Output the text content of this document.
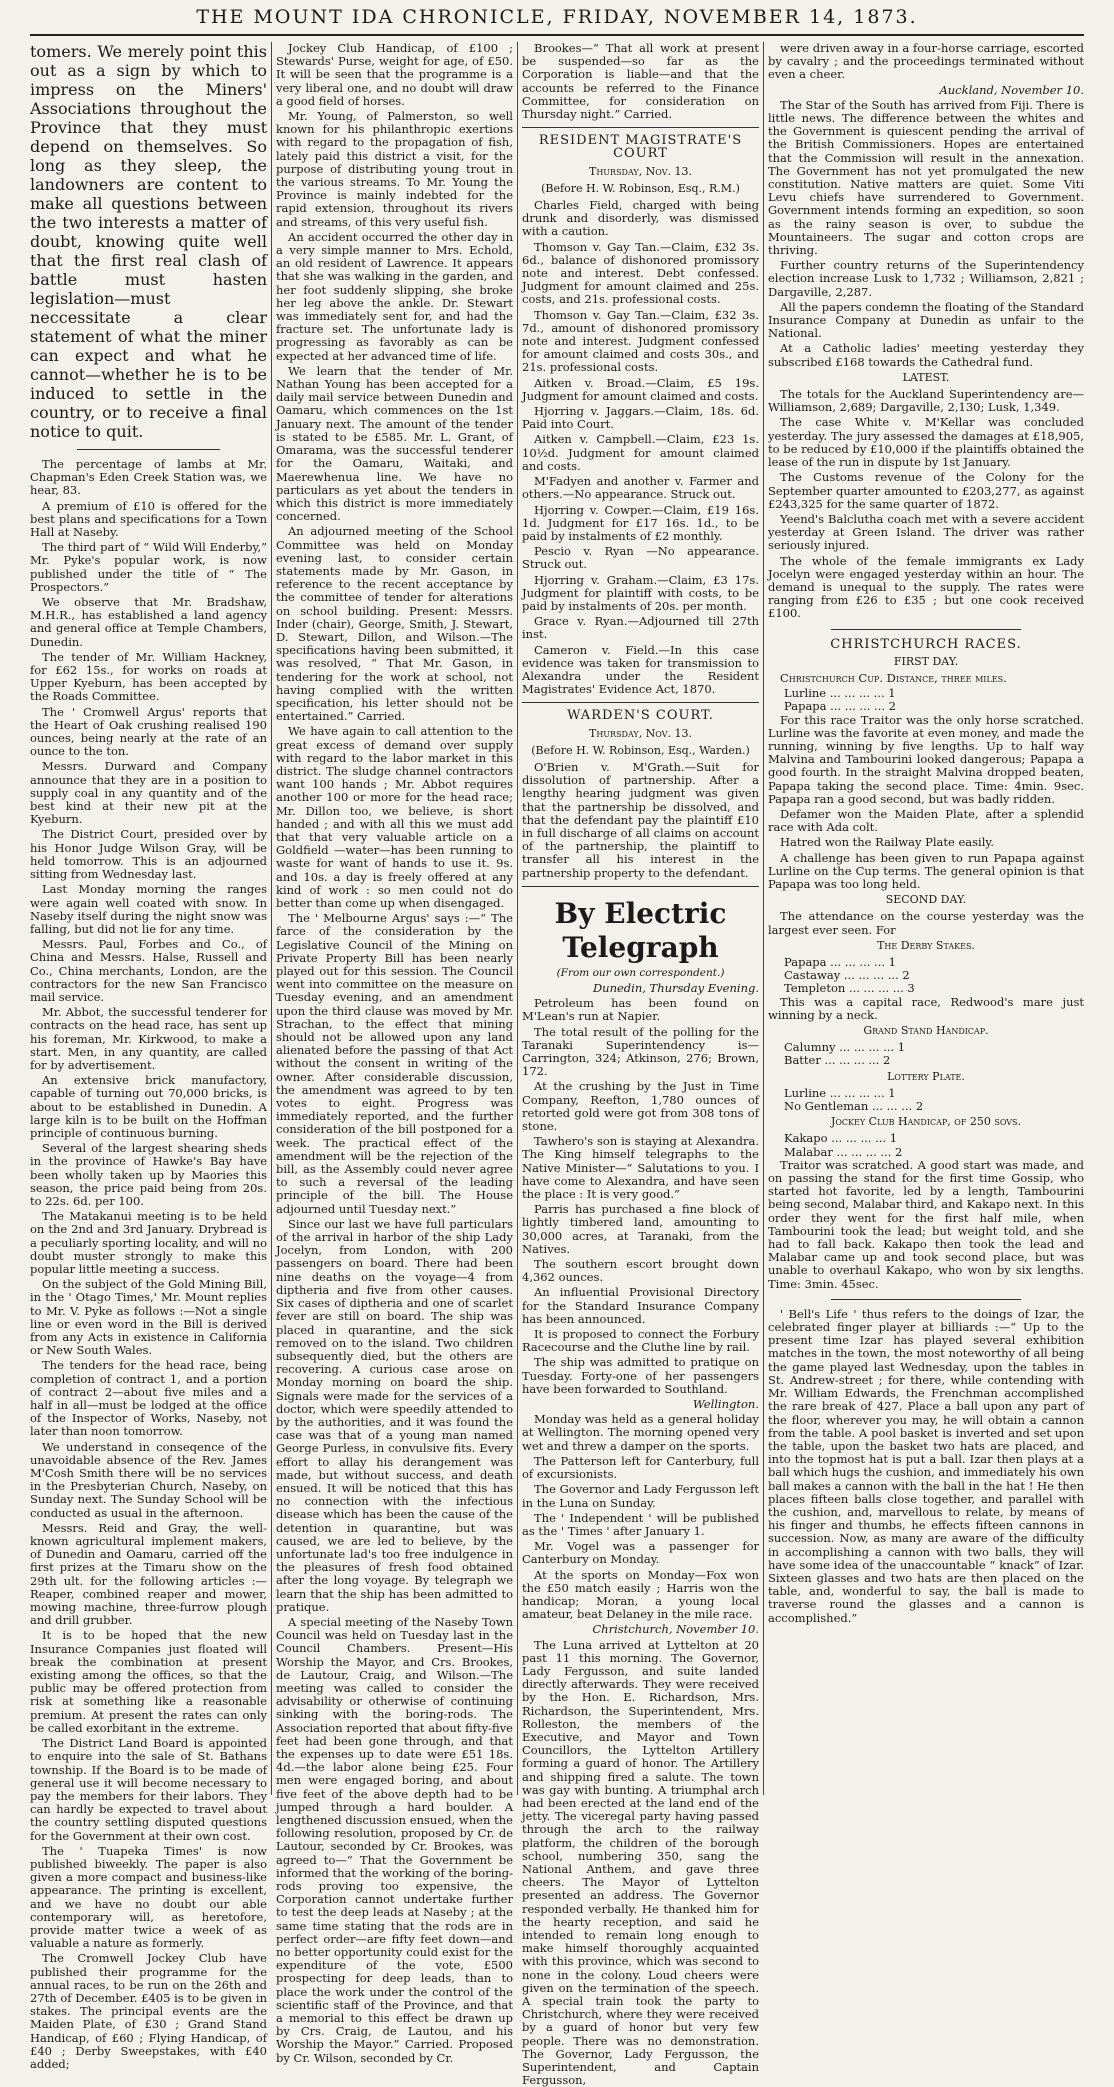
THE MOUNT IDA CHRONICLE, FRIDAY, NOVEMBER 14, 1873.

tomers. We merely point this out as a sign by which to impress on the Miners' Associations throughout the Province that they must depend on themselves. So long as they sleep, the landowners are content to make all questions between the two interests a matter of doubt, knowing quite well that the first real clash of battle must hasten legislation—must neccessitate a clear statement of what the miner can expect and what he cannot—whether he is to be induced to settle in the country, or to receive a final notice to quit.

The percentage of lambs at Mr. Chapman's Eden Creek Station was, we hear, 83.

A premium of £10 is offered for the best plans and specifications for a Town Hall at Naseby.

The third part of “ Wild Will Enderby,” Mr. Pyke's popular work, is now published under the title of “ The Prospectors.”

We observe that Mr. Bradshaw, M.H.R., has established a land agency and general office at Temple Chambers, Dunedin.

The tender of Mr. William Hackney, for £62 15s., for works on roads at Upper Kyeburn, has been accepted by the Roads Committee.

The ' Cromwell Argus' reports that the Heart of Oak crushing realised 190 ounces, being nearly at the rate of an ounce to the ton.

Messrs. Durward and Company announce that they are in a position to supply coal in any quantity and of the best kind at their new pit at the Kyeburn.

The District Court, presided over by his Honor Judge Wilson Gray, will be held tomorrow. This is an adjourned sitting from Wednesday last.

Last Monday morning the ranges were again well coated with snow. In Naseby itself during the night snow was falling, but did not lie for any time.

Messrs. Paul, Forbes and Co., of China and Messrs. Halse, Russell and Co., China merchants, London, are the contractors for the new San Francisco mail service.

Mr. Abbot, the successful tenderer for contracts on the head race, has sent up his foreman, Mr. Kirkwood, to make a start. Men, in any quantity, are called for by advertisement.

An extensive brick manufactory, capable of turning out 70,000 bricks, is about to be established in Dunedin. A large kiln is to be built on the Hoffman principle of continuous burning.

Several of the largest shearing sheds in the province of Hawke's Bay have been wholly taken up by Maories this season, the price paid being from 20s. to 22s. 6d. per 100.

The Matakanui meeting is to be held on the 2nd and 3rd January. Drybread is a peculiarly sporting locality, and will no doubt muster strongly to make this popular little meeting a success.

On the subject of the Gold Mining Bill, in the ' Otago Times,' Mr. Mount replies to Mr. V. Pyke as follows :—Not a single line or even word in the Bill is derived from any Acts in existence in California or New South Wales.

The tenders for the head race, being completion of contract 1, and a portion of contract 2—about five miles and a half in all—must be lodged at the office of the Inspector of Works, Naseby, not later than noon tomorrow.

We understand in conseqence of the unavoidable absence of the Rev. James M'Cosh Smith there will be no services in the Presbyterian Church, Naseby, on Sunday next. The Sunday School will be conducted as usual in the afternoon.

Messrs. Reid and Gray, the well-known agricultural implement makers, of Dunedin and Oamaru, carried off the first prizes at the Timaru show on the 29th ult. for the following articles :—Reaper, combined reaper and mower, mowing machine, three-furrow plough and drill grubber.

It is to be hoped that the new Insurance Companies just floated will break the combination at present existing among the offices, so that the public may be offered protection from risk at something like a reasonable premium. At present the rates can only be called exorbitant in the extreme.

The District Land Board is appointed to enquire into the sale of St. Bathans township. If the Board is to be made of general use it will become necessary to pay the members for their labors. They can hardly be expected to travel about the country settling disputed questions for the Government at their own cost.

The ' Tuapeka Times' is now published biweekly. The paper is also given a more compact and business-like appearance. The printing is excellent, and we have no doubt our able contemporary will, as heretofore, provide matter twice a week of as valuable a nature as formerly.

The Cromwell Jockey Club have published their programme for the annual races, to be run on the 26th and 27th of December. £405 is to be given in stakes. The principal events are the Maiden Plate, of £30 ; Grand Stand Handicap, of £60 ; Flying Handicap, of £40 ; Derby Sweepstakes, with £40 added;

Jockey Club Handicap, of £100 ; Stewards' Purse, weight for age, of £50. It will be seen that the programme is a very liberal one, and no doubt will draw a good field of horses.

Mr. Young, of Palmerston, so well known for his philanthropic exertions with regard to the propagation of fish, lately paid this district a visit, for the purpose of distributing young trout in the various streams. To Mr. Young the Province is mainly indebted for the rapid extension, throughout its rivers and streams, of this very useful fish.

An accident occurred the other day in a very simple manner to Mrs. Echold, an old resident of Lawrence. It appears that she was walking in the garden, and her foot suddenly slipping, she broke her leg above the ankle. Dr. Stewart was immediately sent for, and had the fracture set. The unfortunate lady is progressing as favorably as can be expected at her advanced time of life.

We learn that the tender of Mr. Nathan Young has been accepted for a daily mail service between Dunedin and Oamaru, which commences on the 1st January next. The amount of the tender is stated to be £585. Mr. L. Grant, of Omarama, was the successful tenderer for the Oamaru, Waitaki, and Maerewhenua line. We have no particulars as yet about the tenders in which this district is more immediately concerned.

An adjourned meeting of the School Committee was held on Monday evening last, to consider certain statements made by Mr. Gason, in reference to the recent acceptance by the committee of tender for alterations on school building. Present: Messrs. Inder (chair), George, Smith, J. Stewart, D. Stewart, Dillon, and Wilson.—The specifications having been submitted, it was resolved, “ That Mr. Gason, in tendering for the work at school, not having complied with the written specification, his letter should not be entertained.” Carried.

We have again to call attention to the great excess of demand over supply with regard to the labor market in this district. The sludge channel contractors want 100 hands ; Mr. Abbot requires another 100 or more for the head race; Mr. Dillon too, we believe, is short handed ; and with all this we must add that that very valuable article on a Goldfield —water—has been running to waste for want of hands to use it. 9s. and 10s. a day is freely offered at any kind of work : so men could not do better than come up when disengaged.

The ' Melbourne Argus' says :—“ The farce of the consideration by the Legislative Council of the Mining on Private Property Bill has been nearly played out for this session. The Council went into committee on the measure on Tuesday evening, and an amendment upon the third clause was moved by Mr. Strachan, to the effect that mining should not be allowed upon any land alienated before the passing of that Act without the consent in writing of the owner. After considerable discussion, the amendment was agreed to by ten votes to eight. Progress was immediately reported, and the further consideration of the bill postponed for a week. The practical effect of the amendment will be the rejection of the bill, as the Assembly could never agree to such a reversal of the leading principle of the bill. The House adjourned until Tuesday next.”

Since our last we have full particulars of the arrival in harbor of the ship Lady Jocelyn, from London, with 200 passengers on board. There had been nine deaths on the voyage—4 from diptheria and five from other causes. Six cases of diptheria and one of scarlet fever are still on board. The ship was placed in quarantine, and the sick removed on to the island. Two children subsequently died, but the others are recovering. A curious case arose on Monday morning on board the ship. Signals were made for the services of a doctor, which were speedily attended to by the authorities, and it was found the case was that of a young man named George Purless, in convulsive fits. Every effort to allay his derangement was made, but without success, and death ensued. It will be noticed that this has no connection with the infectious disease which has been the cause of the detention in quarantine, but was caused, we are led to believe, by the unfortunate lad's too free indulgence in the pleasures of fresh food obtained after the long voyage. By telegraph we learn that the ship has been admitted to pratique.

A special meeting of the Naseby Town Council was held on Tuesday last in the Council Chambers. Present—His Worship the Mayor, and Crs. Brookes, de Lautour, Craig, and Wilson.—The meeting was called to consider the advisability or otherwise of continuing sinking with the boring-rods. The Association reported that about fifty-five feet had been gone through, and that the expenses up to date were £51 18s. 4d.—the labor alone being £25. Four men were engaged boring, and about five feet of the above depth had to be jumped through a hard boulder. A lengthened discussion ensued, when the following resolution, proposed by Cr. de Lautour, seconded by Cr. Brookes, was agreed to—“ That the Government be informed that the working of the boring-rods proving too expensive, the Corporation cannot undertake further to test the deep leads at Naseby ; at the same time stating that the rods are in perfect order—are fifty feet down—and no better opportunity could exist for the expenditure of the vote, £500 prospecting for deep leads, than to place the work under the control of the scientific staff of the Province, and that a memorial to this effect be drawn up by Crs. Craig, de Lautou, and his Worship the Mayor.” Carried. Proposed by Cr. Wilson, seconded by Cr.

Brookes—“ That all work at present be suspended—so far as the Corporation is liable—and that the accounts be referred to the Finance Committee, for consideration on Thursday night.” Carried.

RESIDENT MAGISTRATE'S COURT
Thursday, Nov. 13.
(Before H. W. Robinson, Esq., R.M.)

Charles Field, charged with being drunk and disorderly, was dismissed with a caution.

Thomson v. Gay Tan.—Claim, £32 3s. 6d., balance of dishonored promissory note and interest. Debt confessed. Judgment for amount claimed and 25s. costs, and 21s. professional costs.

Thomson v. Gay Tan.—Claim, £32 3s. 7d., amount of dishonored promissory note and interest. Judgment confessed for amount claimed and costs 30s., and 21s. professional costs.

Aitken v. Broad.—Claim, £5 19s. Judgment for amount claimed and costs.

Hjorring v. Jaggars.—Claim, 18s. 6d. Paid into Court.

Aitken v. Campbell.—Claim, £23 1s. 10½d. Judgment for amount claimed and costs.

M'Fadyen and another v. Farmer and others.—No appearance. Struck out.

Hjorring v. Cowper.—Claim, £19 16s. 1d. Judgment for £17 16s. 1d., to be paid by instalments of £2 monthly.

Pescio v. Ryan —No appearance. Struck out.

Hjorring v. Graham.—Claim, £3 17s. Judgment for plaintiff with costs, to be paid by instalments of 20s. per month.

Grace v. Ryan.—Adjourned till 27th inst.

Cameron v. Field.—In this case evidence was taken for transmission to Alexandra under the Resident Magistrates' Evidence Act, 1870.

WARDEN'S COURT.
Thursday, Nov. 13.
(Before H. W. Robinson, Esq., Warden.)

O'Brien v. M'Grath.—Suit for dissolution of partnership. After a lengthy hearing judgment was given that the partnership be dissolved, and that the defendant pay the plaintiff £10 in full discharge of all claims on account of the partnership, the plaintiff to transfer all his interest in the partnership property to the defendant.

By Electric Telegraph
(From our own correspondent.)
Dunedin, Thursday Evening.

Petroleum has been found on M'Lean's run at Napier.

The total result of the polling for the Taranaki Superintendency is—Carrington, 324; Atkinson, 276; Brown, 172.

At the crushing by the Just in Time Company, Reefton, 1,780 ounces of retorted gold were got from 308 tons of stone.

Tawhero's son is staying at Alexandra. The King himself telegraphs to the Native Minister—“ Salutations to you. I have come to Alexandra, and have seen the place : It is very good.”

Parris has purchased a fine block of lightly timbered land, amounting to 30,000 acres, at Taranaki, from the Natives.

The southern escort brought down 4,362 ounces.

An influential Provisional Directory for the Standard Insurance Company has been announced.

It is proposed to connect the Forbury Racecourse and the Cluthe line by rail.

The ship was admitted to pratique on Tuesday. Forty-one of her passengers have been forwarded to Southland.

Wellington.

Monday was held as a general holiday at Wellington. The morning opened very wet and threw a damper on the sports.

The Patterson left for Canterbury, full of excursionists.

The Governor and Lady Fergusson left in the Luna on Sunday.

The ' Independent ' will be published as the ' Times ' after January 1.

Mr. Vogel was a passenger for Canterbury on Monday.

At the sports on Monday—Fox won the £50 match easily ; Harris won the handicap; Moran, a young local amateur, beat Delaney in the mile race.

Christchurch, November 10.

The Luna arrived at Lyttelton at 20 past 11 this morning. The Governor, Lady Fergusson, and suite landed directly afterwards. They were received by the Hon. E. Richardson, Mrs. Richardson, the Superintendent, Mrs. Rolleston, the members of the Executive, and Mayor and Town Councillors, the Lyttelton Artillery forming a guard of honor. The Artillery and shipping fired a salute. The town was gay with bunting. A triumphal arch had been erected at the land end of the jetty. The viceregal party having passed through the arch to the railway platform, the children of the borough school, numbering 350, sang the National Anthem, and gave three cheers. The Mayor of Lyttelton presented an address. The Governor responded verbally. He thanked him for the hearty reception, and said he intended to remain long enough to make himself thoroughly acquainted with this province, which was second to none in the colony. Loud cheers were given on the termination of the speech. A special train took the party to Christchurch, where they were received by a guard of honor but very few people. There was no demonstration. The Governor, Lady Fergusson, the Superintendent, and Captain Fergusson,

were driven away in a four-horse carriage, escorted by cavalry ; and the proceedings terminated without even a cheer.

Auckland, November 10.

The Star of the South has arrived from Fiji. There is little news. The difference between the whites and the Government is quiescent pending the arrival of the British Commissioners. Hopes are entertained that the Commission will result in the annexation. The Government has not yet promulgated the new constitution. Native matters are quiet. Some Viti Levu chiefs have surrendered to Government. Government intends forming an expedition, so soon as the rainy season is over, to subdue the Mountaineers. The sugar and cotton crops are thriving.

Further country returns of the Superintendency election increase Lusk to 1,732 ; Williamson, 2,821 ; Dargaville, 2,287.

All the papers condemn the floating of the Standard Insurance Company at Dunedin as unfair to the National.

At a Catholic ladies' meeting yesterday they subscribed £168 towards the Cathedral fund.

LATEST.

The totals for the Auckland Superintendency are—Williamson, 2,689; Dargaville, 2,130; Lusk, 1,349.

The case White v. M'Kellar was concluded yesterday. The jury assessed the damages at £18,905, to be reduced by £10,000 if the plaintiffs obtained the lease of the run in dispute by 1st January.

The Customs revenue of the Colony for the September quarter amounted to £203,277, as against £243,325 for the same quarter of 1872.

Yeend's Balclutha coach met with a severe accident yesterday at Green Island. The driver was rather seriously injured.

The whole of the female immigrants ex Lady Jocelyn were engaged yesterday within an hour. The demand is unequal to the supply. The rates were ranging from £26 to £35 ; but one cook received £100.

CHRISTCHURCH RACES.
FIRST DAY.

Christchurch Cup. Distance, three miles.

Lurline ... ... ... ... 1

Papapa ... ... ... ... 2

For this race Traitor was the only horse scratched. Lurline was the favorite at even money, and made the running, winning by five lengths. Up to half way Malvina and Tambourini looked dangerous; Papapa a good fourth. In the straight Malvina dropped beaten, Papapa taking the second place. Time: 4min. 9sec. Papapa ran a good second, but was badly ridden.

Defamer won the Maiden Plate, after a splendid race with Ada colt.

Hatred won the Railway Plate easily.

A challenge has been given to run Papapa against Lurline on the Cup terms. The general opinion is that Papapa was too long held.

SECOND DAY.

The attendance on the course yesterday was the largest ever seen. For

The Derby Stakes.

Papapa ... ... ... ... 1

Castaway ... ... ... ... 2

Templeton ... ... ... ... 3

This was a capital race, Redwood's mare just winning by a neck.

Grand Stand Handicap.

Calumny ... ... ... ... 1

Batter ... ... ... ... 2

Lottery Plate.

Lurline ... ... ... ... 1

No Gentleman ... ... ... 2

Jockey Club Handicap, of 250 sovs.

Kakapo ... ... ... ... 1

Malabar ... ... ... ... 2

Traitor was scratched. A good start was made, and on passing the stand for the first time Gossip, who started hot favorite, led by a length, Tambourini being second, Malabar third, and Kakapo next. In this order they went for the first half mile, when Tambourini took the lead; but weight told, and she had to fall back. Kakapo then took the lead and Malabar came up and took second place, but was unable to overhaul Kakapo, who won by six lengths. Time: 3min. 45sec.

' Bell's Life ' thus refers to the doings of Izar, the celebrated finger player at billiards :—“ Up to the present time Izar has played several exhibition matches in the town, the most noteworthy of all being the game played last Wednesday, upon the tables in St. Andrew-street ; for there, while contending with Mr. William Edwards, the Frenchman accomplished the rare break of 427. Place a ball upon any part of the floor, wherever you may, he will obtain a cannon from the table. A pool basket is inverted and set upon the table, upon the basket two hats are placed, and into the topmost hat is put a ball. Izar then plays at a ball which hugs the cushion, and immediately his own ball makes a cannon with the ball in the hat ! He then places fifteen balls close together, and parallel with the cushion, and, marvellous to relate, by means of his finger and thumbs, he effects fifteen cannons in succession. Now, as many are aware of the difficulty in accomplishing a cannon with two balls, they will have some idea of the unaccountable “ knack” of Izar. Sixteen glasses and two hats are then placed on the table, and, wonderful to say, the ball is made to traverse round the glasses and a cannon is accomplished.”
